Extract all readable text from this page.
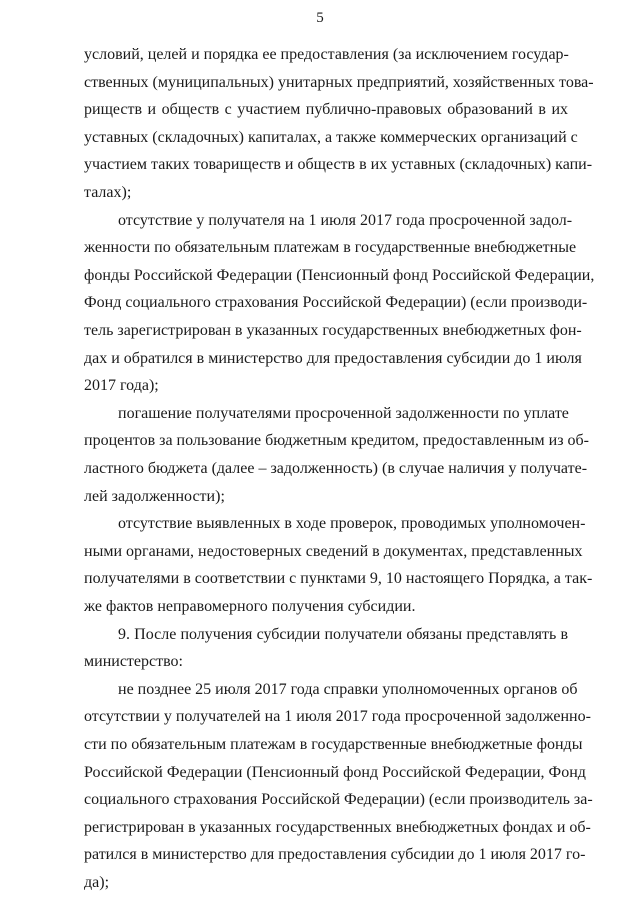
5
условий, целей и порядка ее предоставления (за исключением государ-
ственных (муниципальных) унитарных предприятий, хозяйственных това-
риществ и обществ с участием публично-правовых образований в их
уставных (складочных) капиталах, а также коммерческих организаций с
участием таких товариществ и обществ в их уставных (складочных) капи-
талах);
отсутствие у получателя на 1 июля 2017 года просроченной задол-
женности по обязательным платежам в государственные внебюджетные
фонды Российской Федерации (Пенсионный фонд Российской Федерации,
Фонд социального страхования Российской Федерации) (если производи-
тель зарегистрирован в указанных государственных внебюджетных фон-
дах и обратился в министерство для предоставления субсидии до 1 июля
2017 года);
погашение получателями просроченной задолженности по уплате
процентов за пользование бюджетным кредитом, предоставленным из об-
ластного бюджета (далее – задолженность) (в случае наличия у получате-
лей задолженности);
отсутствие выявленных в ходе проверок, проводимых уполномочен-
ными органами, недостоверных сведений в документах, представленных
получателями в соответствии с пунктами 9, 10 настоящего Порядка, а так-
же фактов неправомерного получения субсидии.
9. После получения субсидии получатели обязаны представлять в
министерство:
не позднее 25 июля 2017 года справки уполномоченных органов об
отсутствии у получателей на 1 июля 2017 года просроченной задолженно-
сти по обязательным платежам в государственные внебюджетные фонды
Российской Федерации (Пенсионный фонд Российской Федерации, Фонд
социального страхования Российской Федерации) (если производитель за-
регистрирован в указанных государственных внебюджетных фондах и об-
ратился в министерство для предоставления субсидии до 1 июля 2017 го-
да);
